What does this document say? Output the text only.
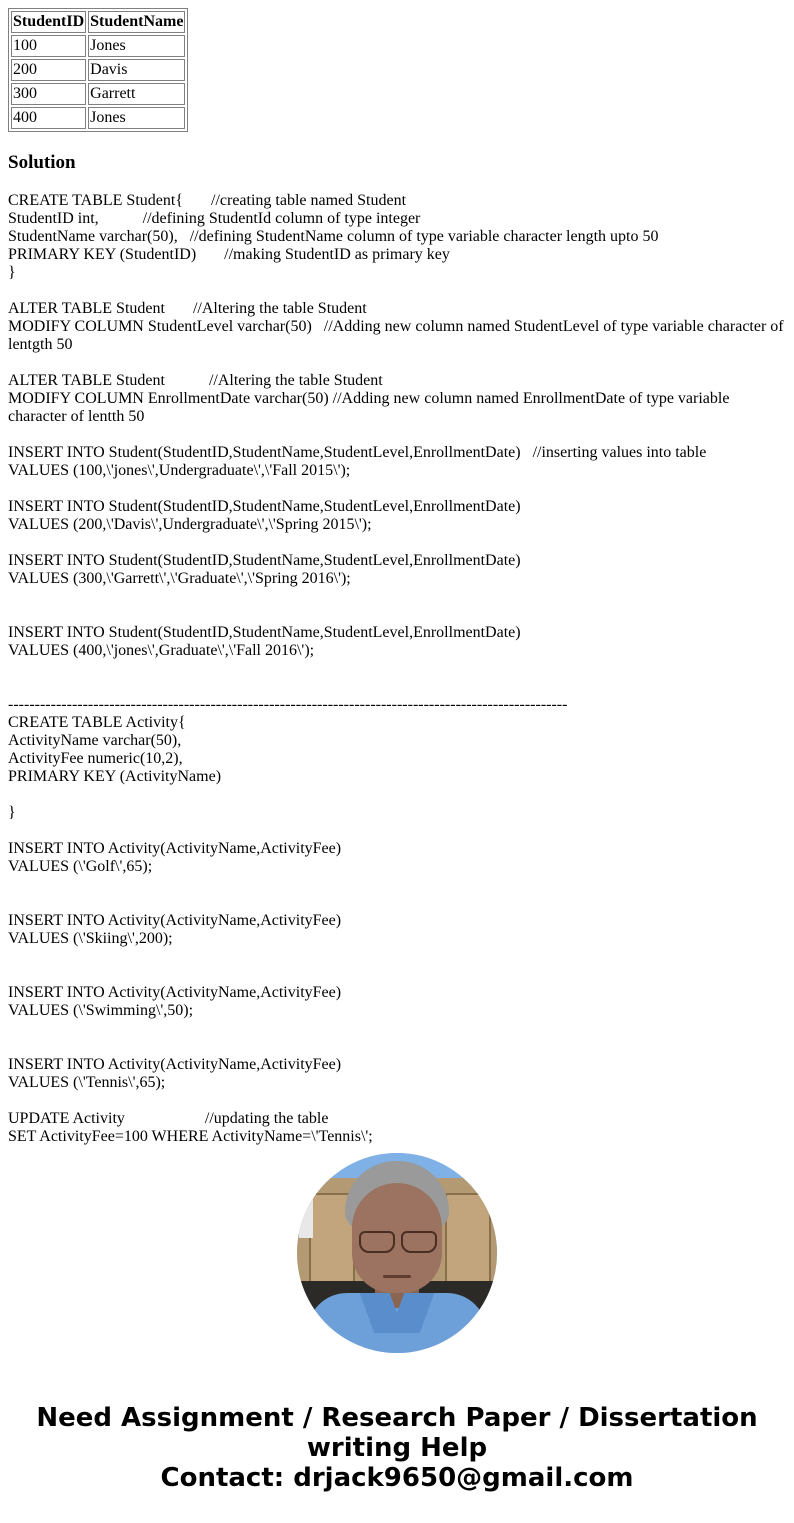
StudentID	StudentName
100	Jones
200	Davis
300	Garrett
400	Jones
Solution
CREATE TABLE Student{       //creating table named Student
StudentID int,           //defining StudentId column of type integer
StudentName varchar(50),   //defining StudentName column of type variable character length upto 50
PRIMARY KEY (StudentID)       //making StudentID as primary key
}
ALTER TABLE Student       //Altering the table Student
MODIFY COLUMN StudentLevel varchar(50)   //Adding new column named StudentLevel of type variable character of lentgth 50
ALTER TABLE Student           //Altering the table Student
MODIFY COLUMN EnrollmentDate varchar(50) //Adding new column named EnrollmentDate of type variable character of lentth 50
INSERT INTO Student(StudentID,StudentName,StudentLevel,EnrollmentDate)   //inserting values into table
VALUES (100,\'jones\',Undergraduate\',\'Fall 2015\');
INSERT INTO Student(StudentID,StudentName,StudentLevel,EnrollmentDate)
VALUES (200,\'Davis\',Undergraduate\',\'Spring 2015\');
INSERT INTO Student(StudentID,StudentName,StudentLevel,EnrollmentDate)
VALUES (300,\'Garrett\',\'Graduate\',\'Spring 2016\');
INSERT INTO Student(StudentID,StudentName,StudentLevel,EnrollmentDate)
VALUES (400,\'jones\',Graduate\',\'Fall 2016\');
---------------------------------------------------------------------------------------------------------
CREATE TABLE Activity{
ActivityName varchar(50),
ActivityFee numeric(10,2),
PRIMARY KEY (ActivityName)
}
INSERT INTO Activity(ActivityName,ActivityFee)
VALUES (\'Golf\',65);
INSERT INTO Activity(ActivityName,ActivityFee)
VALUES (\'Skiing\',200);
INSERT INTO Activity(ActivityName,ActivityFee)
VALUES (\'Swimming\',50);
INSERT INTO Activity(ActivityName,ActivityFee)
VALUES (\'Tennis\',65);
UPDATE Activity                    //updating the table
SET ActivityFee=100 WHERE ActivityName=\'Tennis\';
Need Assignment / Research Paper / Dissertation
writing Help
Contact: drjack9650@gmail.com
